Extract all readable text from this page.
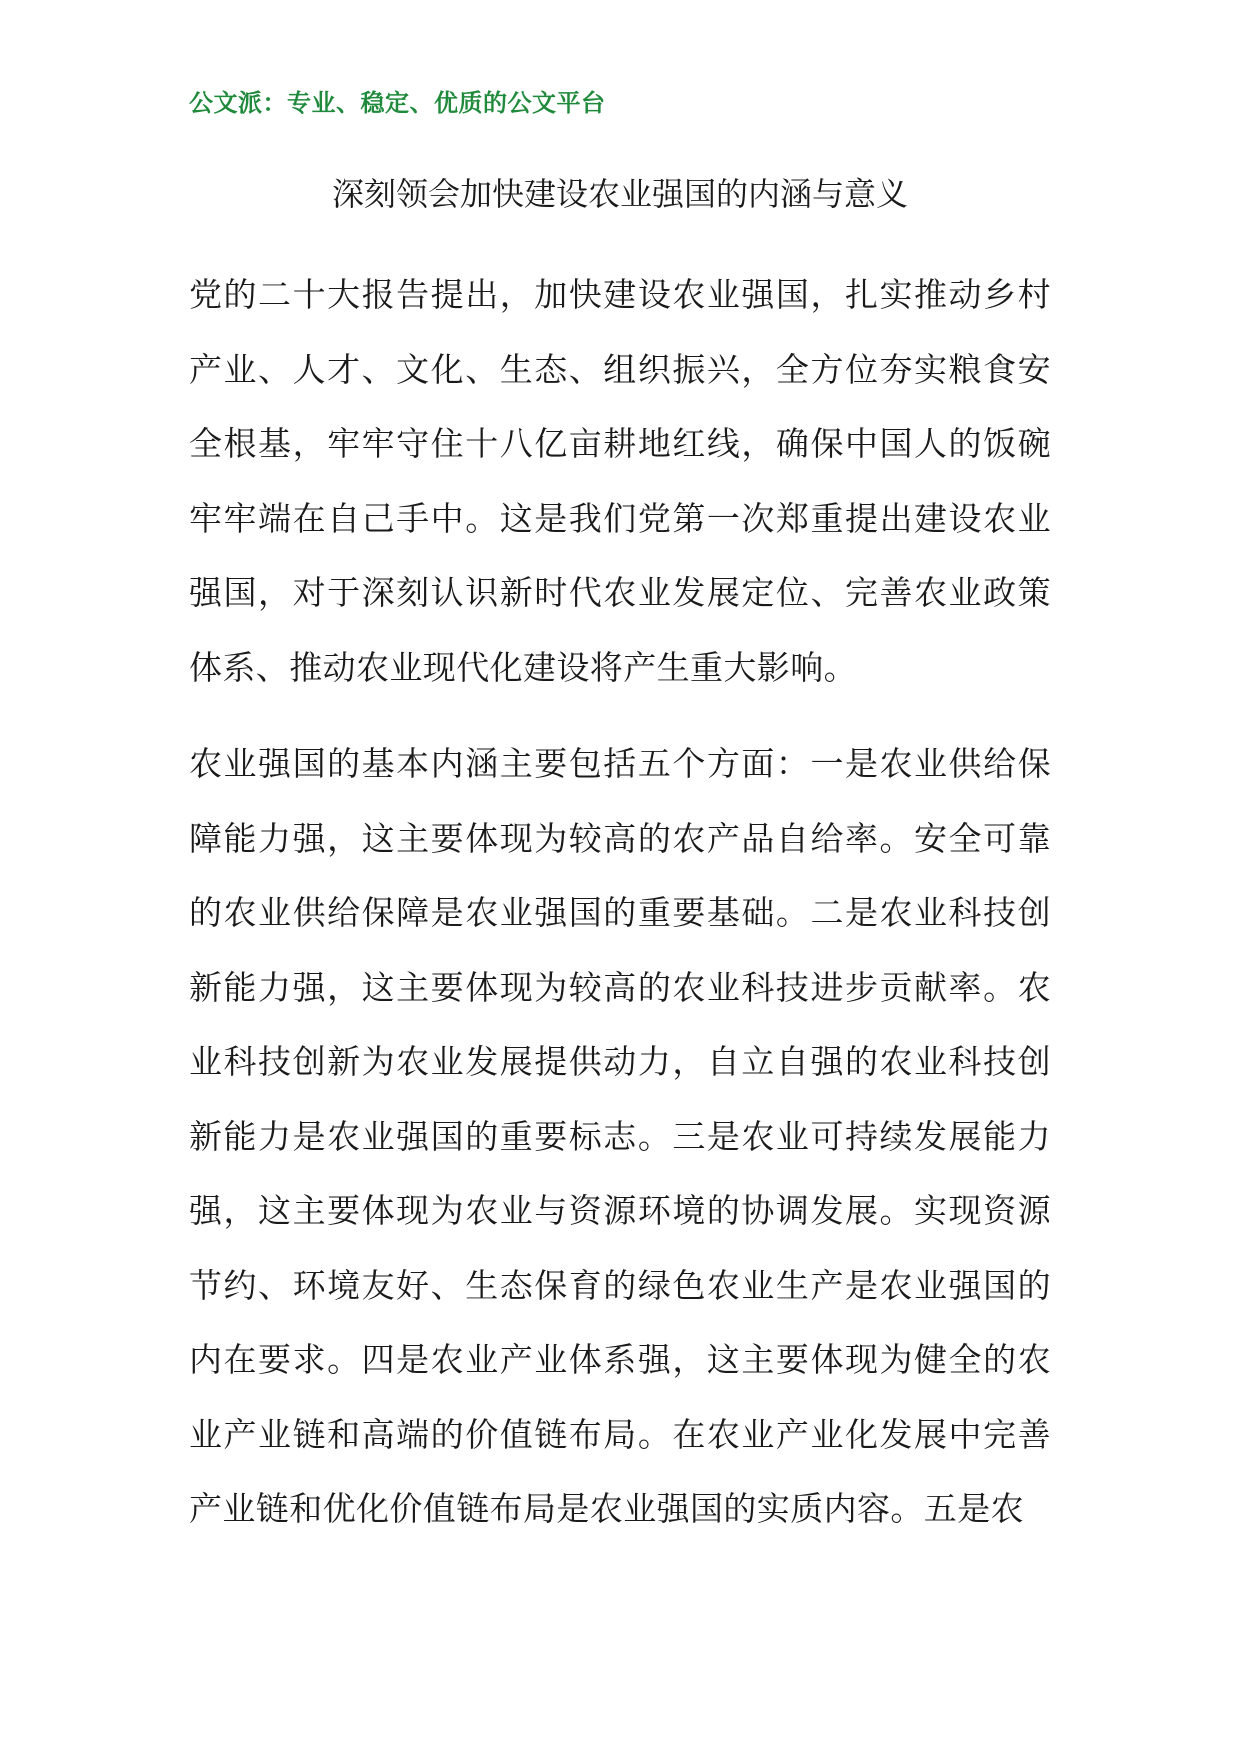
公文派：专业、稳定、优质的公文平台
深刻领会加快建设农业强国的内涵与意义

党的二十大报告提出，加快建设农业强国，扎实推动乡村产业、人才、文化、生态、组织振兴，全方位夯实粮食安全根基，牢牢守住十八亿亩耕地红线，确保中国人的饭碗牢牢端在自己手中。这是我们党第一次郑重提出建设农业强国，对于深刻认识新时代农业发展定位、完善农业政策体系、推动农业现代化建设将产生重大影响。

农业强国的基本内涵主要包括五个方面：一是农业供给保障能力强，这主要体现为较高的农产品自给率。安全可靠的农业供给保障是农业强国的重要基础。二是农业科技创新能力强，这主要体现为较高的农业科技进步贡献率。农业科技创新为农业发展提供动力，自立自强的农业科技创新能力是农业强国的重要标志。三是农业可持续发展能力强，这主要体现为农业与资源环境的协调发展。实现资源节约、环境友好、生态保育的绿色农业生产是农业强国的内在要求。四是农业产业体系强，这主要体现为健全的农业产业链和高端的价值链布局。在农业产业化发展中完善产业链和优化价值链布局是农业强国的实质内容。五是农
